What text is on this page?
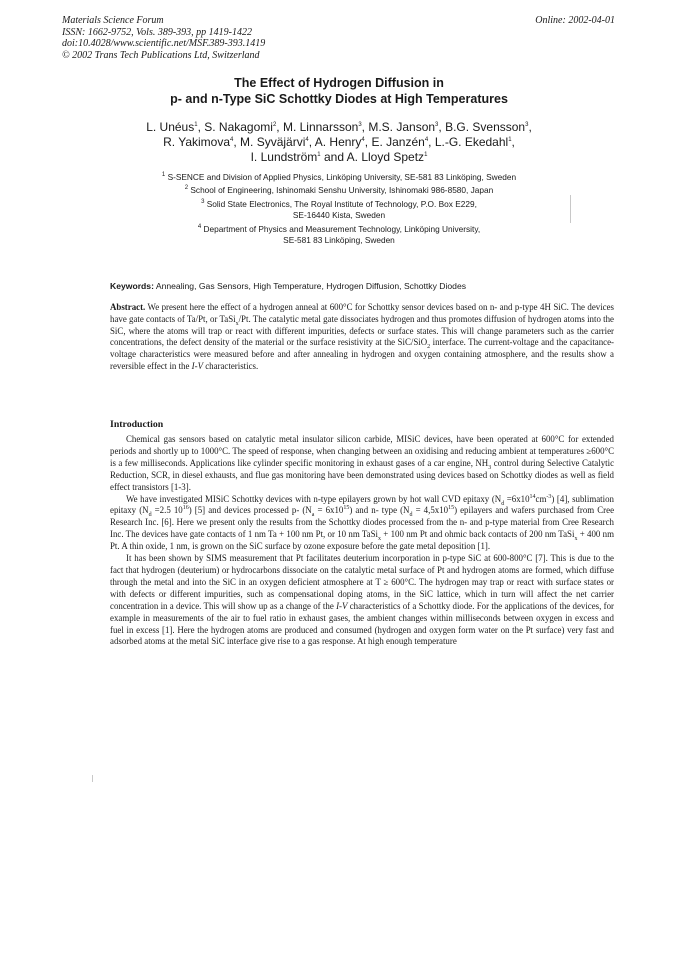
Materials Science Forum
ISSN: 1662-9752, Vols. 389-393, pp 1419-1422
doi:10.4028/www.scientific.net/MSF.389-393.1419
© 2002 Trans Tech Publications Ltd, Switzerland
Online: 2002-04-01
The Effect of Hydrogen Diffusion in
p- and n-Type SiC Schottky Diodes at High Temperatures
L. Unéus$^1$, S. Nakagomi$^2$, M. Linnarsson$^3$, M.S. Janson$^3$, B.G. Svensson$^3$,
R. Yakimova$^4$, M. Syväjärvi$^4$, A. Henry$^4$, E. Janzén$^4$, L.-G. Ekedahl$^1$,
I. Lundström$^1$ and A. Lloyd Spetz$^1$
$^1$ S-SENCE and Division of Applied Physics, Linköping University, SE-581 83 Linköping, Sweden
$^2$ School of Engineering, Ishinomaki Senshu University, Ishinomaki 986-8580, Japan
$^3$ Solid State Electronics, The Royal Institute of Technology, P.O. Box E229,
SE-16440 Kista, Sweden
$^4$ Department of Physics and Measurement Technology, Linköping University,
SE-581 83 Linköping, Sweden
Keywords: Annealing, Gas Sensors, High Temperature, Hydrogen Diffusion, Schottky Diodes
Abstract. We present here the effect of a hydrogen anneal at 600°C for Schottky sensor devices based on n- and p-type 4H SiC. The devices have gate contacts of Ta/Pt, or TaSi$_x$/Pt. The catalytic metal gate dissociates hydrogen and thus promotes diffusion of hydrogen atoms into the SiC, where the atoms will trap or react with different impurities, defects or surface states. This will change parameters such as the carrier concentrations, the defect density of the material or the surface resistivity at the SiC/SiO$_2$ interface. The current-voltage and the capacitance-voltage characteristics were measured before and after annealing in hydrogen and oxygen containing atmosphere, and the results show a reversible effect in the I-V characteristics.
Introduction

Chemical gas sensors based on catalytic metal insulator silicon carbide, MISiC devices, have been operated at 600°C for extended periods and shortly up to 1000°C. The speed of response, when changing between an oxidising and reducing ambient at temperatures ≥600°C is a few milliseconds. Applications like cylinder specific monitoring in exhaust gases of a car engine, $NH_3$ control during Selective Catalytic Reduction, SCR, in diesel exhausts, and flue gas monitoring have been demonstrated using devices based on Schottky diodes as well as field effect transistors [1-3].

We have investigated MISiC Schottky devices with n-type epilayers grown by hot wall CVD epitaxy $(N_d =6x10^{14}cm^{-3})$ [4], sublimation epitaxy ($N_d =2.5$ $10^{16}$) [5] and devices processed p- $(N_a = 6x10^{15})$ and n- type $(N_d = 4,5x10^{15})$ epilayers and wafers purchased from Cree Research Inc. [6]. Here we present only the results from the Schottky diodes processed from the n- and p-type material from Cree Research Inc. The devices have gate contacts of 1 nm Ta + 100 nm Pt, or 10 nm TaSi$_x$ + 100 nm Pt and ohmic back contacts of 200 nm TaSi$_x$ + 400 nm Pt. A thin oxide, 1 nm, is grown on the SiC surface by ozone exposure before the gate metal deposition [1].

It has been shown by SIMS measurement that Pt facilitates deuterium incorporation in p-type SiC at 600-800°C [7]. This is due to the fact that hydrogen (deuterium) or hydrocarbons dissociate on the catalytic metal surface of Pt and hydrogen atoms are formed, which diffuse through the metal and into the SiC in an oxygen deficient atmosphere at T ≥ 600°C. The hydrogen may trap or react with surface states or with defects or different impurities, such as compensational doping atoms, in the SiC lattice, which in turn will affect the net carrier concentration in a device. This will show up as a change of the I-V characteristics of a Schottky diode. For the applications of the devices, for example in measurements of the air to fuel ratio in exhaust gases, the ambient changes within milliseconds between oxygen in excess and fuel in excess [1]. Here the hydrogen atoms are produced and consumed (hydrogen and oxygen form water on the Pt surface) very fast and adsorbed atoms at the metal SiC interface give rise to a gas response. At high enough temperature
